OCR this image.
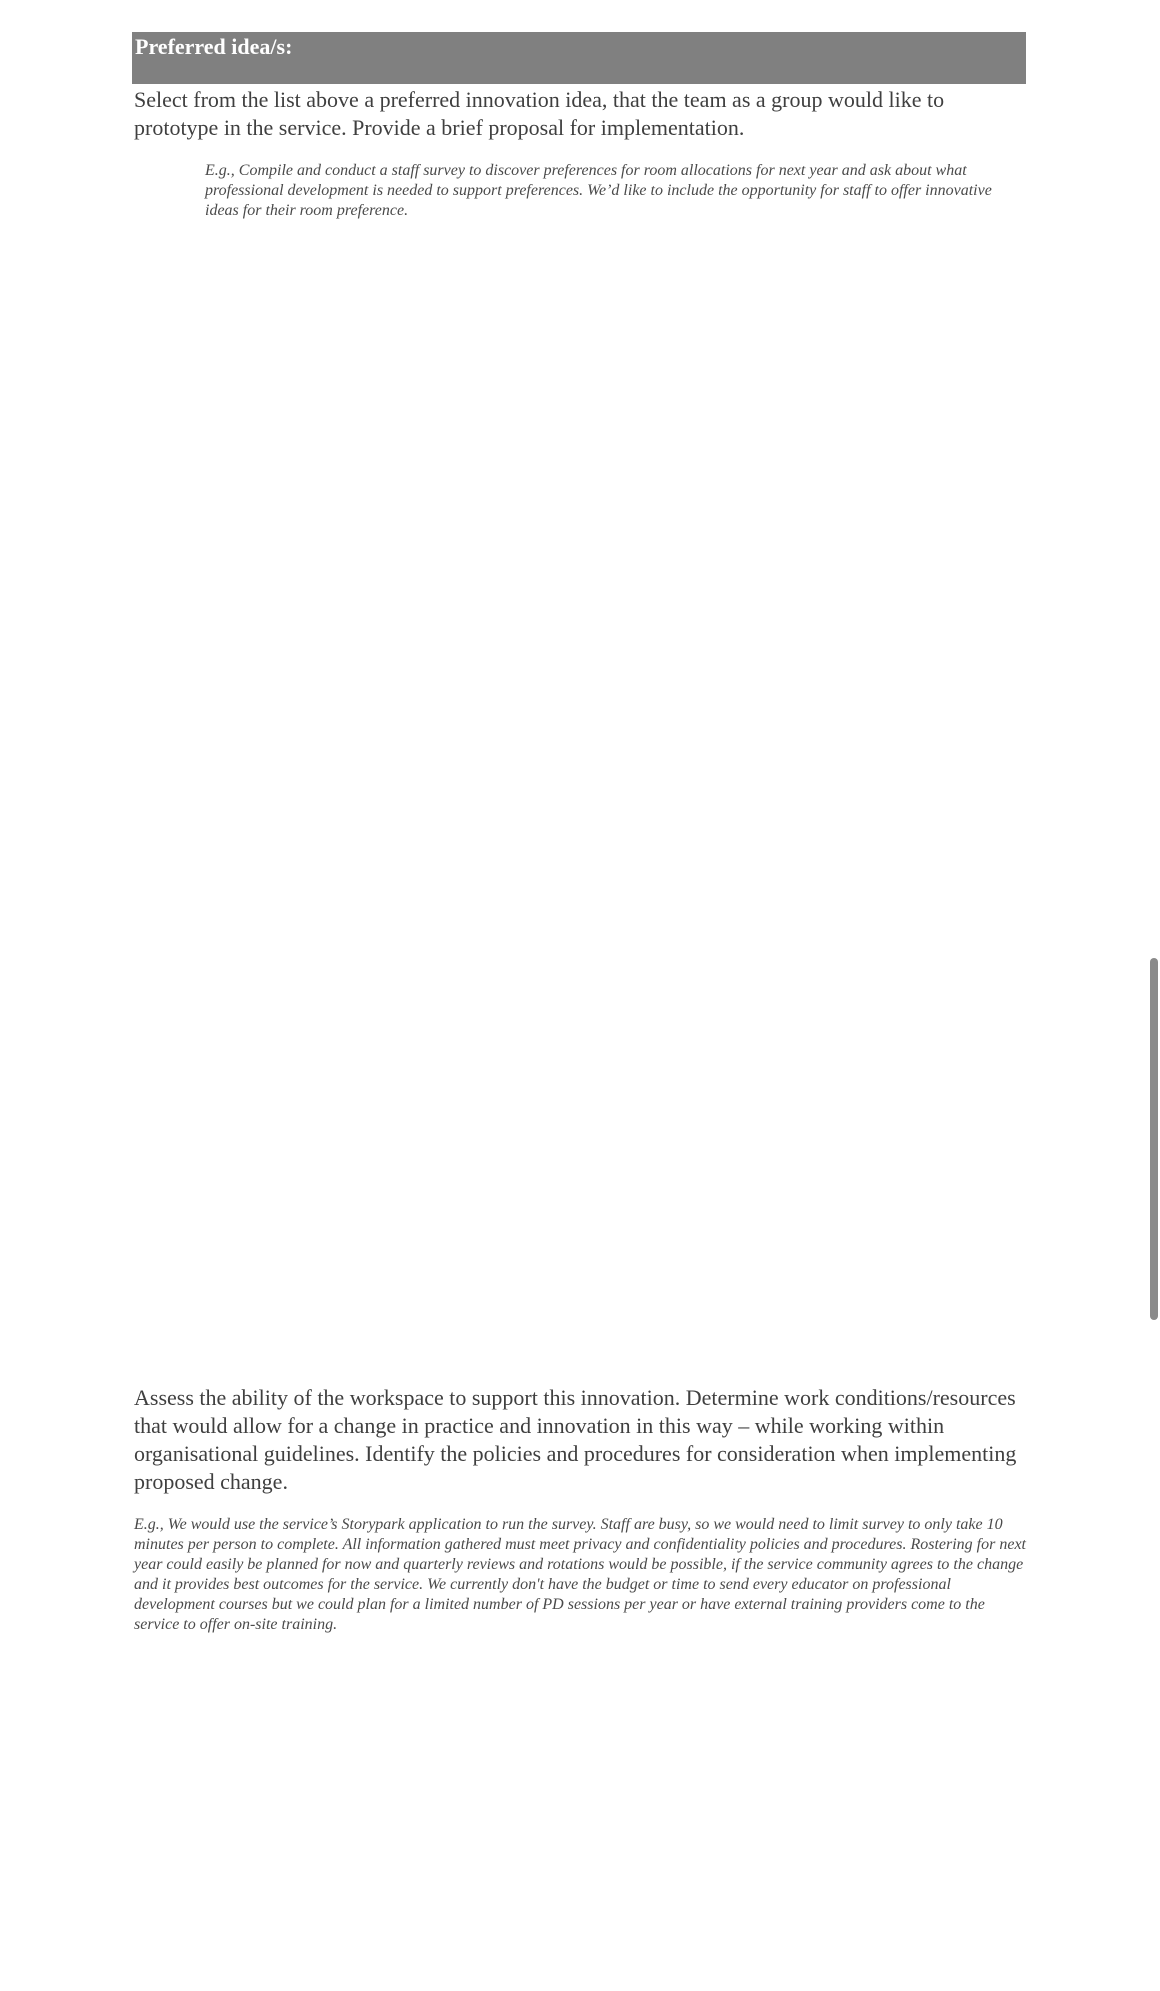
Preferred idea/s:
Select from the list above a preferred innovation idea, that the team as a group would like to prototype in the service. Provide a brief proposal for implementation.
E.g., Compile and conduct a staff survey to discover preferences for room allocations for next year and ask about what professional development is needed to support preferences. We’d like to include the opportunity for staff to offer innovative ideas for their room preference.
Assess the ability of the workspace to support this innovation. Determine work conditions/resources that would allow for a change in practice and innovation in this way – while working within organisational guidelines. Identify the policies and procedures for consideration when implementing proposed change.
E.g., We would use the service’s Storypark application to run the survey. Staff are busy, so we would need to limit survey to only take 10 minutes per person to complete. All information gathered must meet privacy and confidentiality policies and procedures. Rostering for next year could easily be planned for now and quarterly reviews and rotations would be possible, if the service community agrees to the change and it provides best outcomes for the service. We currently don't have the budget or time to send every educator on professional development courses but we could plan for a limited number of PD sessions per year or have external training providers come to the service to offer on-site training.
